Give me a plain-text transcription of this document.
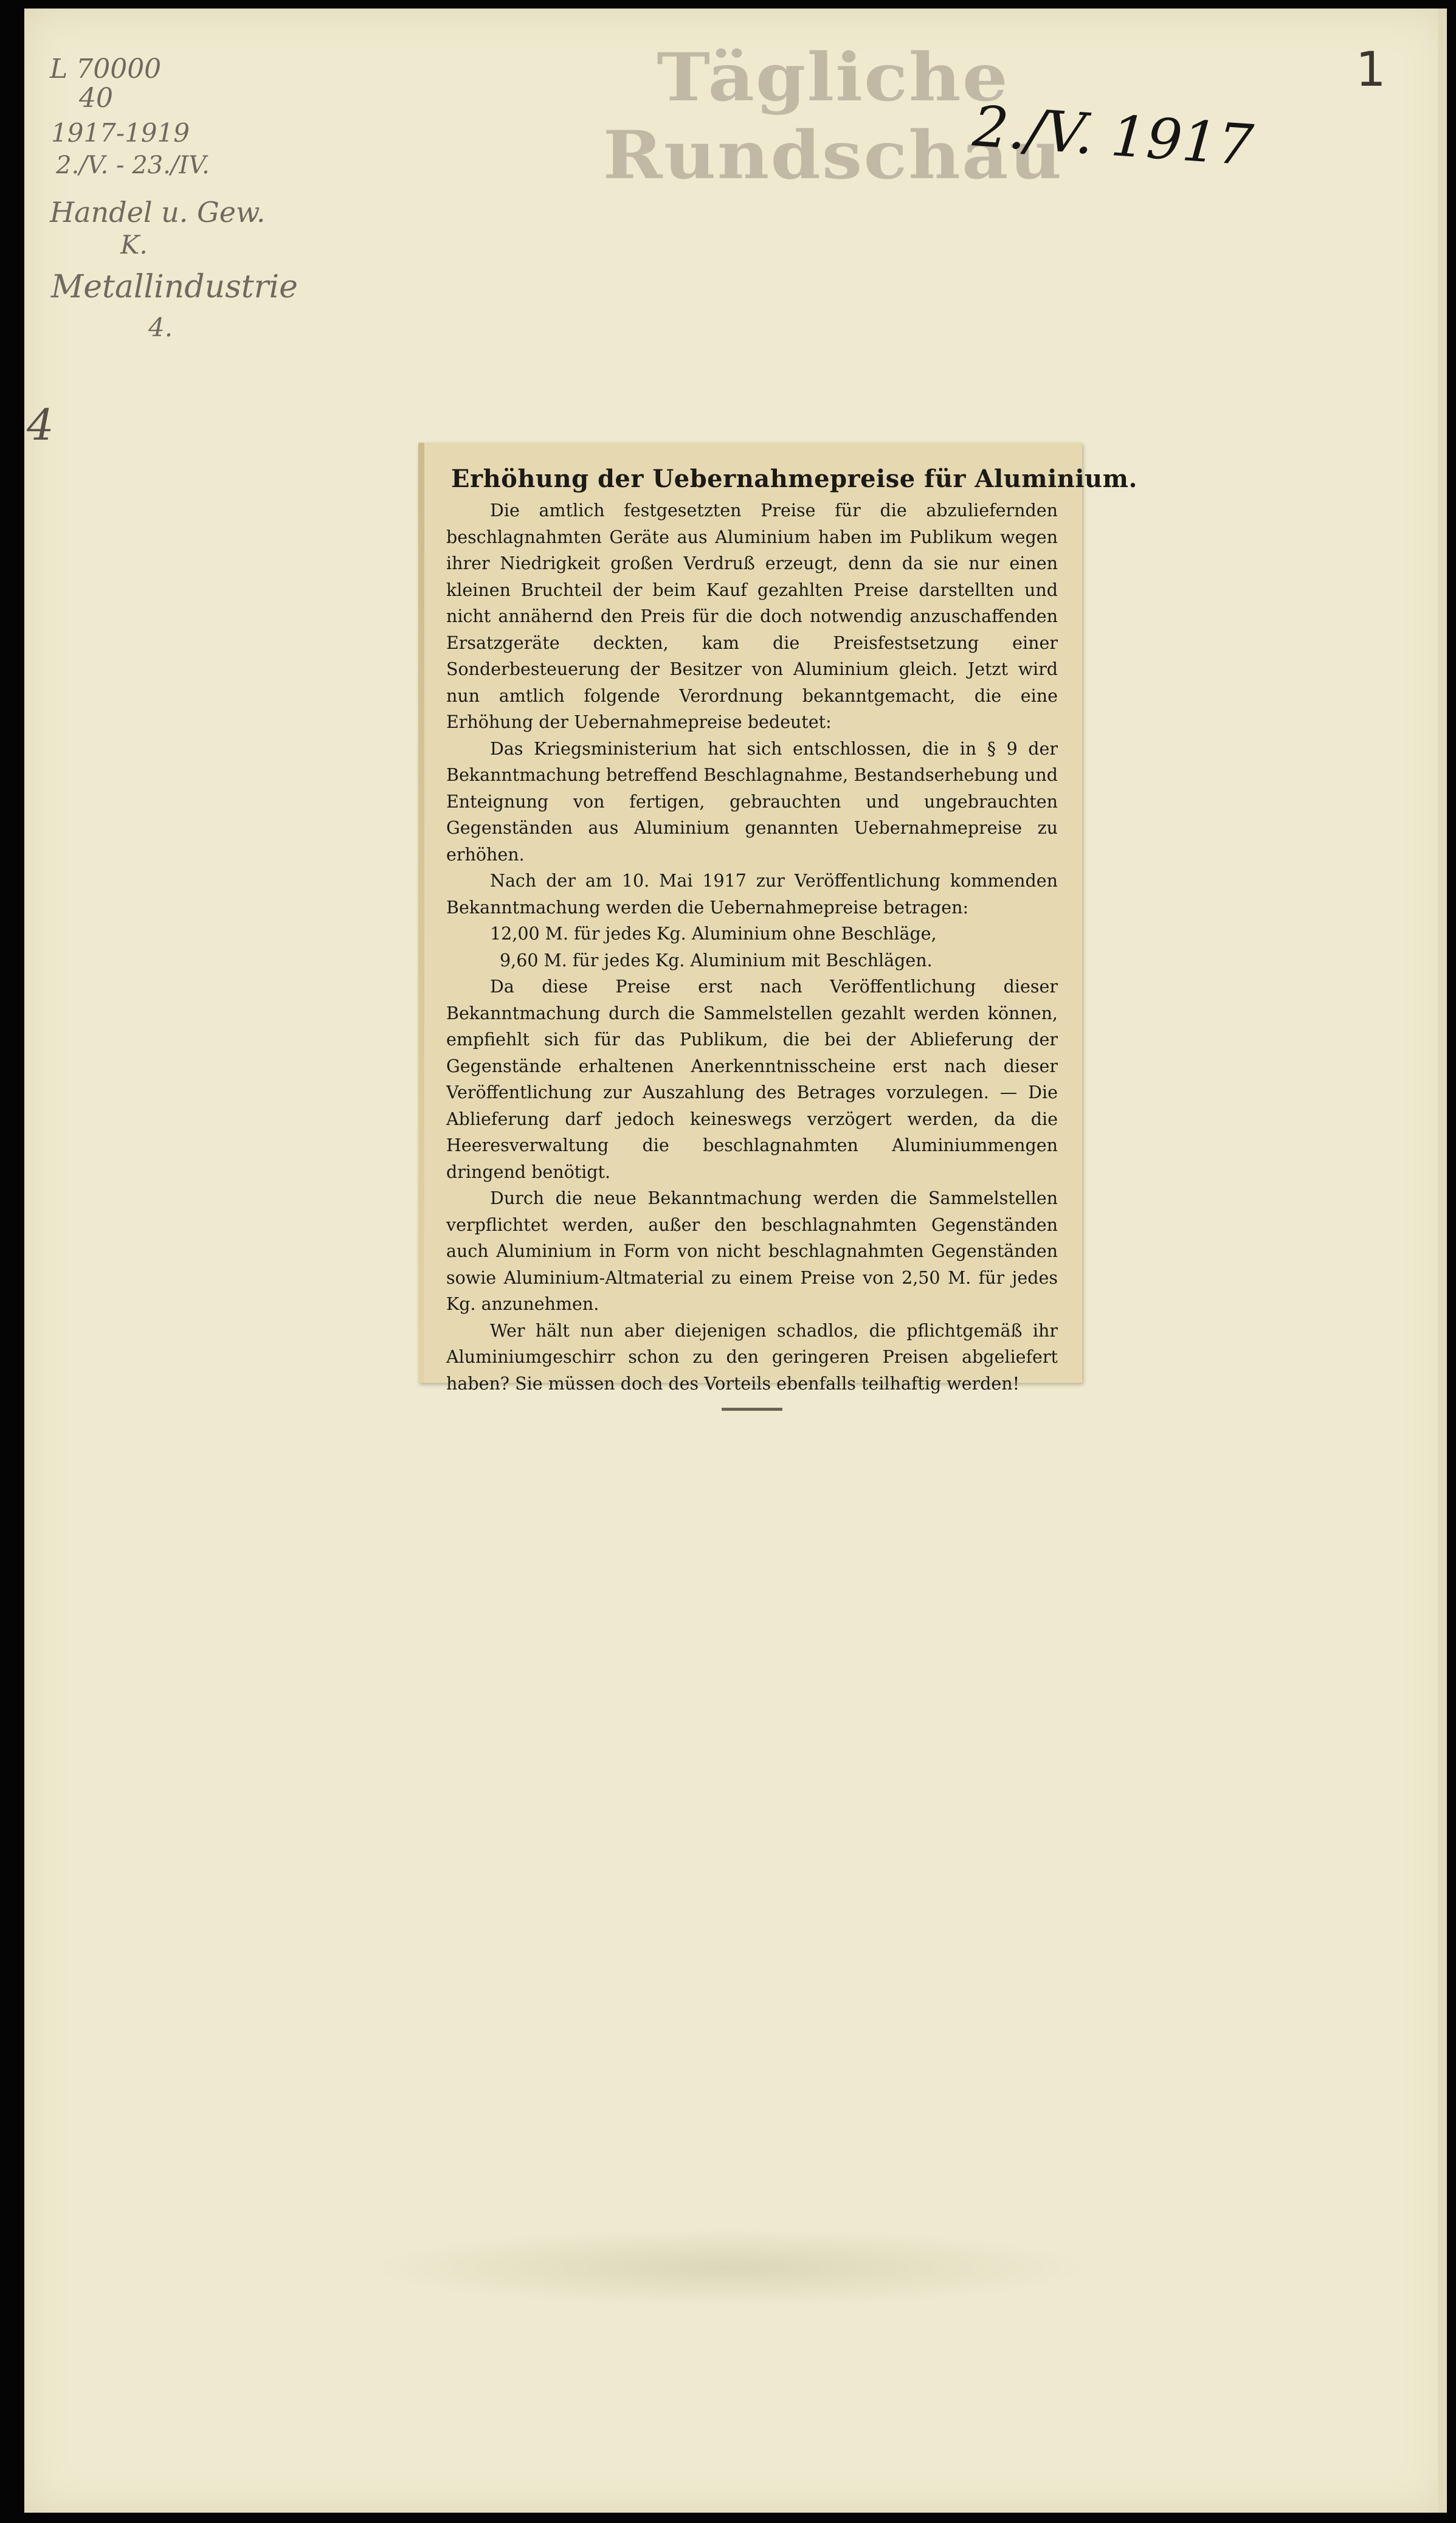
L 70000
40
1917-1919
2./V. - 23./IV.
Handel u. Gew.
K.
Metallindustrie
4.
4
Tägliche Rundschau
2./V. 1917
1
Erhöhung der Uebernahmepreise für Aluminium.

Die amtlich festgesetzten Preise für die abzuliefernden beschlagnahmten Geräte aus Aluminium haben im Publikum wegen ihrer Niedrigkeit großen Verdruß erzeugt, denn da sie nur einen kleinen Bruchteil der beim Kauf gezahlten Preise darstellten und nicht annähernd den Preis für die doch notwendig anzuschaffenden Ersatzgeräte deckten, kam die Preisfestsetzung einer Sonderbesteuerung der Besitzer von Aluminium gleich. Jetzt wird nun amtlich folgende Verordnung bekanntgemacht, die eine Erhöhung der Uebernahmepreise bedeutet:

Das Kriegsministerium hat sich entschlossen, die in § 9 der Bekanntmachung betreffend Beschlagnahme, Bestandserhebung und Enteignung von fertigen, gebrauchten und ungebrauchten Gegenständen aus Aluminium genannten Uebernahmepreise zu erhöhen.

Nach der am 10. Mai 1917 zur Veröffentlichung kommenden Bekanntmachung werden die Uebernahmepreise betragen:

12,00 M. für jedes Kg. Aluminium ohne Beschläge,
9,60 M. für jedes Kg. Aluminium mit Beschlägen.

Da diese Preise erst nach Veröffentlichung dieser Bekanntmachung durch die Sammelstellen gezahlt werden können, empfiehlt sich für das Publikum, die bei der Ablieferung der Gegenstände erhaltenen Anerkenntnisscheine erst nach dieser Veröffentlichung zur Auszahlung des Betrages vorzulegen. — Die Ablieferung darf jedoch keineswegs verzögert werden, da die Heeresverwaltung die beschlagnahmten Aluminiummengen dringend benötigt.

Durch die neue Bekanntmachung werden die Sammelstellen verpflichtet werden, außer den beschlagnahmten Gegenständen auch Aluminium in Form von nicht beschlagnahmten Gegenständen sowie Aluminium-Altmaterial zu einem Preise von 2,50 M. für jedes Kg. anzunehmen.

Wer hält nun aber diejenigen schadlos, die pflichtgemäß ihr Aluminiumgeschirr schon zu den geringeren Preisen abgeliefert haben? Sie müssen doch des Vorteils ebenfalls teilhaftig werden!
